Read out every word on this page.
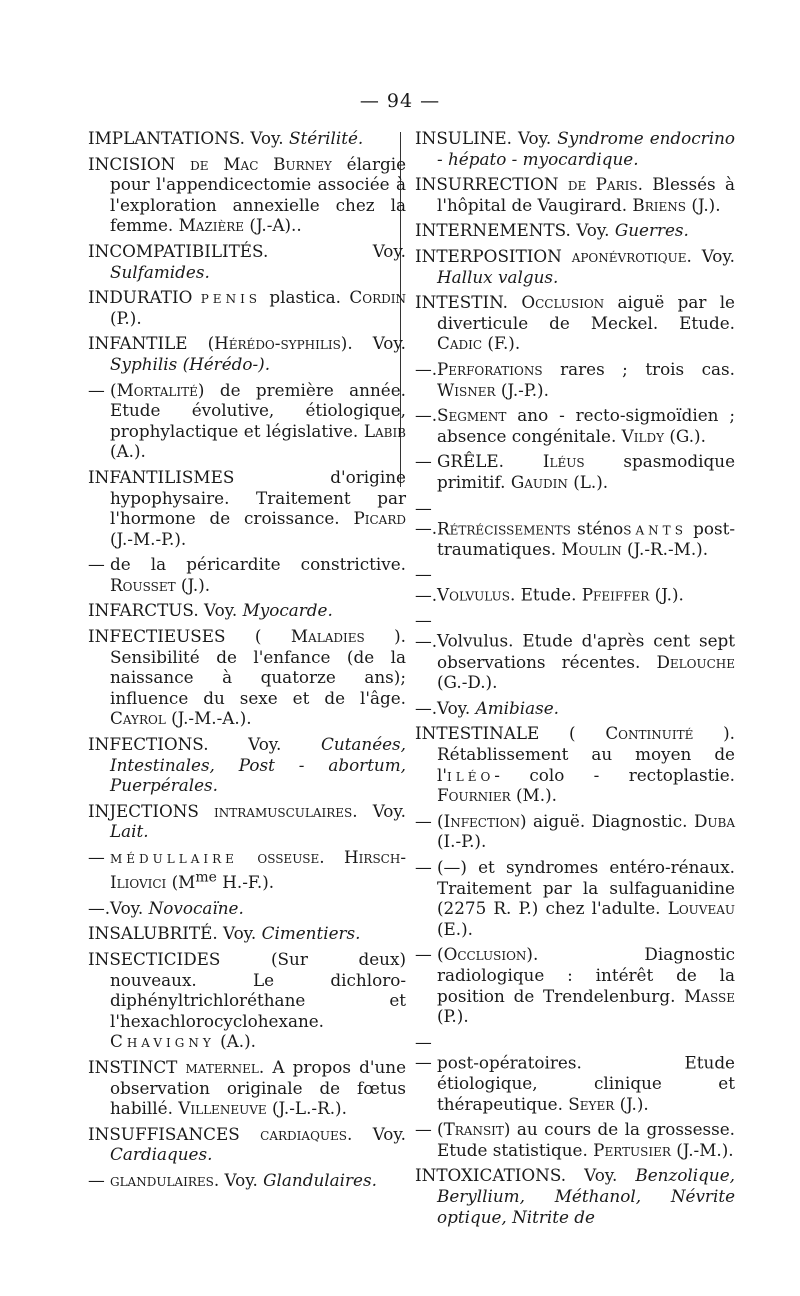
— 94 —

IMPLANTATIONS. Voy. Stérilité.

INCISION de Mac Burney élargie pour l'appendicectomie associée à l'exploration annexielle chez la femme. Mazière (J.-A)..

INCOMPATIBILITÉS. Voy. Sulfamides.

INDURATIO penis plastica. Cordin (P.).

INFANTILE (Hérédo-syphilis). Voy. Syphilis (Hérédo-).

— (Mortalité) de première année. Etude évolutive, étiologique, prophylactique et législative. Labib (A.).

INFANTILISMES d'origine hypophysaire. Traitement par l'hormone de croissance. Picard (J.-M.-P.).

— de la péricardite constrictive. Rousset (J.).

INFARCTUS. Voy. Myocarde.

INFECTIEUSES ( Maladies ). Sensibilité de l'enfance (de la naissance à quatorze ans); influence du sexe et de l'âge. Cayrol (J.-M.-A.).

INFECTIONS. Voy. Cutanées, Intestinales, Post - abortum, Puerpérales.

INJECTIONS intramusculaires. Voy. Lait.

— médullaire osseuse. Hirsch-Iliovici ($M^{me}$ H.-F.).

—.Voy. Novocaïne.

INSALUBRITÉ. Voy. Cimentiers.

INSECTICIDES (Sur deux) nouveaux. Le dichloro-diphényltrichloréthane et l'hexachlorocyclohexane. Chavigny (A.).

INSTINCT maternel. A propos d'une observation originale de fœtus habillé. Villeneuve (J.-L.-R.).

INSUFFISANCES cardiaques. Voy. Cardiaques.

— glandulaires. Voy. Glandulaires.

INSULINE. Voy. Syndrome endocrino - hépato - myocardique.

INSURRECTION de Paris. Blessés à l'hôpital de Vaugirard. Briens (J.).

INTERNEMENTS. Voy. Guerres.

INTERPOSITION aponévrotique. Voy. Hallux valgus.

INTESTIN. Occlusion aiguë par le diverticule de Meckel. Etude. Cadic (F.).

—.Perforations rares ; trois cas. Wisner (J.-P.).

—.Segment ano - recto-sigmoïdien ; absence congénitale. Vildy (G.).

— GRÊLE. Iléus spasmodique primitif. Gaudin (L.).

— —.Rétrécissements sténosants post-traumatiques. Moulin (J.-R.-M.).

— —.Volvulus. Etude. Pfeiffer (J.).

— —.Volvulus. Etude d'après cent sept observations récentes. Delouche (G.-D.).

—.Voy. Amibiase.

INTESTINALE ( Continuité ). Rétablissement au moyen de l'iléo- colo - rectoplastie. Fournier (M.).

— (Infection) aiguë. Diagnostic. Duba (I.-P.).

— (—) et syndromes entéro-rénaux. Traitement par la sulfaguanidine (2275 R. P.) chez l'adulte. Louveau (E.).

— (Occlusion). Diagnostic radiologique : intérêt de la position de Trendelenburg. Masse (P.).

— — post-opératoires. Etude étiologique, clinique et thérapeutique. Seyer (J.).

— (Transit) au cours de la grossesse. Etude statistique. Pertusier (J.-M.).

INTOXICATIONS. Voy. Benzolique, Beryllium, Méthanol, Névrite optique, Nitrite de
